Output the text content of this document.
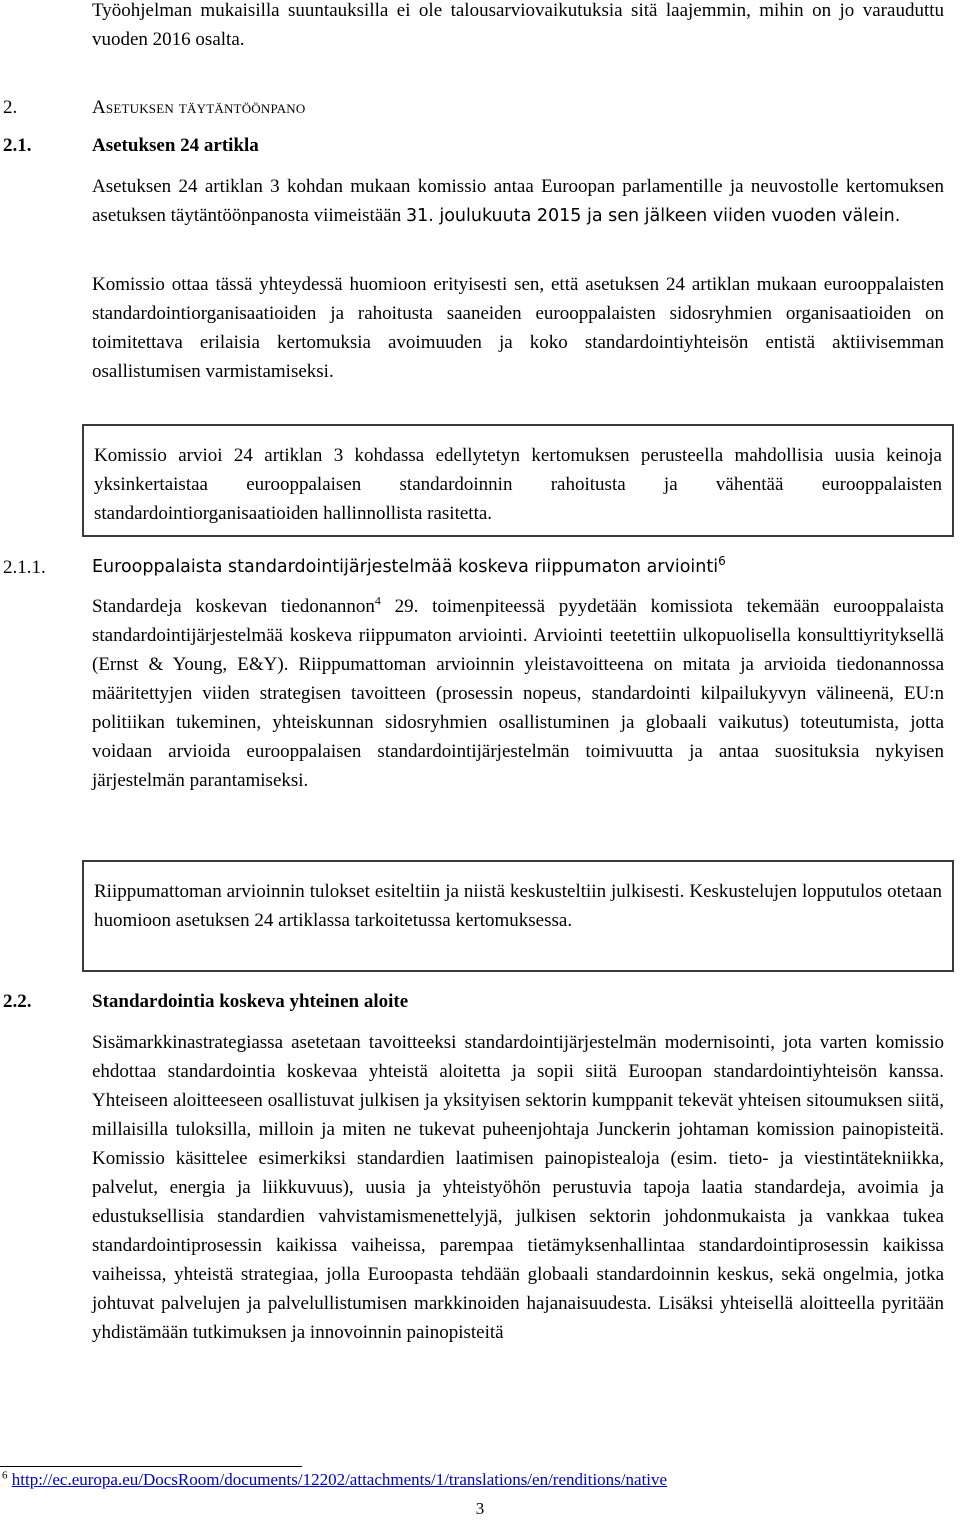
Työohjelman mukaisilla suuntauksilla ei ole talousarviovaikutuksia sitä laajemmin, mihin on jo varauduttu vuoden 2016 osalta.
2.	Asetuksen täytäntöönpano
2.1.	Asetuksen 24 artikla
Asetuksen 24 artiklan 3 kohdan mukaan komissio antaa Euroopan parlamentille ja neuvostolle kertomuksen asetuksen täytäntöönpanosta viimeistään 31. joulukuuta 2015 ja sen jälkeen viiden vuoden välein.
Komissio ottaa tässä yhteydessä huomioon erityisesti sen, että asetuksen 24 artiklan mukaan eurooppalaisten standardointiorganisaatioiden ja rahoitusta saaneiden eurooppalaisten sidosryhmien organisaatioiden on toimitettava erilaisia kertomuksia avoimuuden ja koko standardointiyhteisön entistä aktiivisemman osallistumisen varmistamiseksi.
Komissio arvioi 24 artiklan 3 kohdassa edellytetyn kertomuksen perusteella mahdollisia uusia keinoja yksinkertaistaa eurooppalaisen standardoinnin rahoitusta ja vähentää eurooppalaisten standardointiorganisaatioiden hallinnollista rasitetta.
2.1.1.	Eurooppalaista standardointijärjestelmää koskeva riippumaton arviointi$^6$
Standardeja koskevan tiedonannon$^4$ 29. toimenpiteessä pyydetään komissiota tekemään eurooppalaista standardointijärjestelmää koskeva riippumaton arviointi. Arviointi teetettiin ulkopuolisella konsulttiyrityksellä (Ernst & Young, E&Y). Riippumattoman arvioinnin yleistavoitteena on mitata ja arvioida tiedonannossa määritettyjen viiden strategisen tavoitteen (prosessin nopeus, standardointi kilpailukyvyn välineenä, EU:n politiikan tukeminen, yhteiskunnan sidosryhmien osallistuminen ja globaali vaikutus) toteutumista, jotta voidaan arvioida eurooppalaisen standardointijärjestelmän toimivuutta ja antaa suosituksia nykyisen järjestelmän parantamiseksi.
Riippumattoman arvioinnin tulokset esiteltiin ja niistä keskusteltiin julkisesti. Keskustelujen lopputulos otetaan huomioon asetuksen 24 artiklassa tarkoitetussa kertomuksessa.
2.2.	Standardointia koskeva yhteinen aloite
Sisämarkkinastrategiassa asetetaan tavoitteeksi standardointijärjestelmän modernisointi, jota varten komissio ehdottaa standardointia koskevaa yhteistä aloitetta ja sopii siitä Euroopan standardointiyhteisön kanssa. Yhteiseen aloitteeseen osallistuvat julkisen ja yksityisen sektorin kumppanit tekevät yhteisen sitoumuksen siitä, millaisilla tuloksilla, milloin ja miten ne tukevat puheenjohtaja Junckerin johtaman komission painopisteitä. Komissio käsittelee esimerkiksi standardien laatimisen painopistealoja (esim. tieto- ja viestintätekniikka, palvelut, energia ja liikkuvuus), uusia ja yhteistyöhön perustuvia tapoja laatia standardeja, avoimia ja edustuksellisia standardien vahvistamismenettelyjä, julkisen sektorin johdonmukaista ja vankkaa tukea standardointiprosessin kaikissa vaiheissa, parempaa tietämyksenhallintaa standardointiprosessin kaikissa vaiheissa, yhteistä strategiaa, jolla Euroopasta tehdään globaali standardoinnin keskus, sekä ongelmia, jotka johtuvat palvelujen ja palvelullistumisen markkinoiden hajanaisuudesta. Lisäksi yhteisellä aloitteella pyritään yhdistämään tutkimuksen ja innovoinnin painopisteitä
$^6$ http://ec.europa.eu/DocsRoom/documents/12202/attachments/1/translations/en/renditions/native
3
